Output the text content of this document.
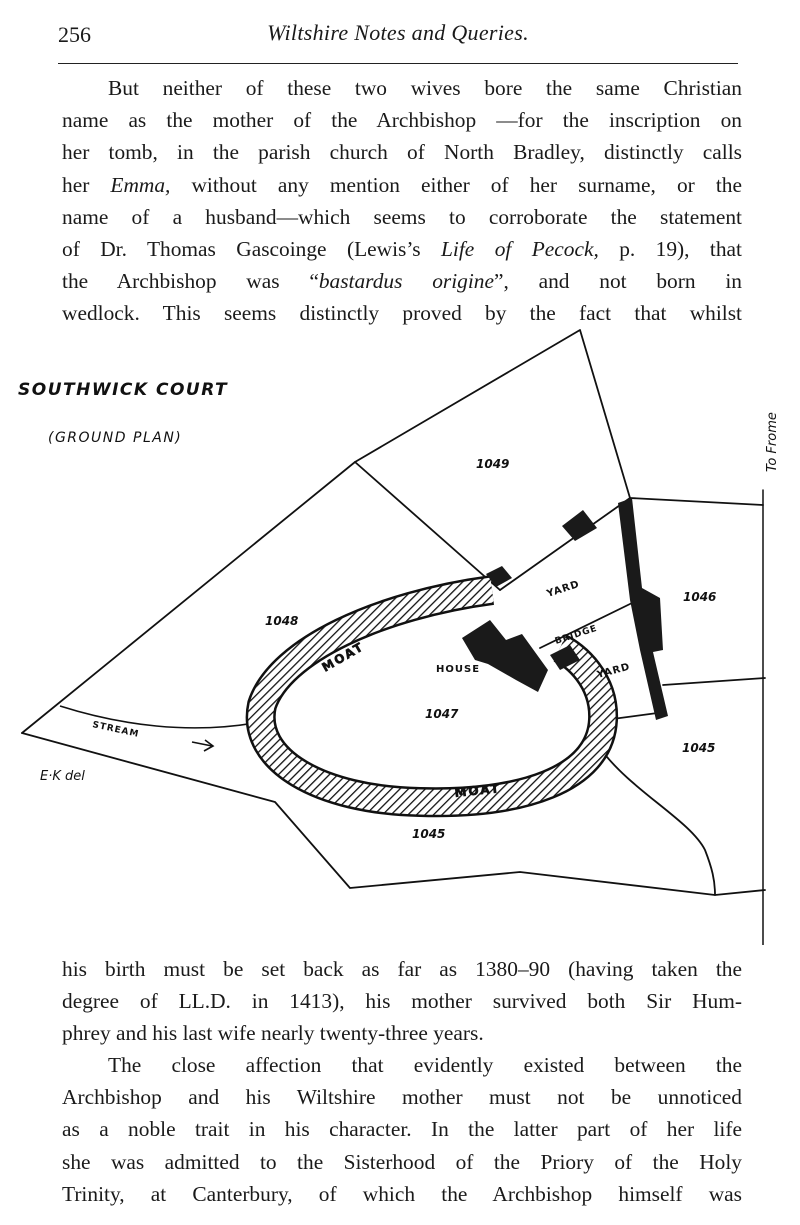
256	Wiltshire Notes and Queries.
But neither of these two wives bore the same Christian
name as the mother of the Archbishop —for the inscription on
her tomb, in the parish church of North Bradley, distinctly calls
her Emma, without any mention either of her surname, or the
name of a husband—which seems to corroborate the statement
of Dr. Thomas Gascoinge (Lewis’s Life of Pecock, p. 19), that
the Archbishop was “bastardus origine”, and not born in
wedlock. This seems distinctly proved by the fact that whilst
SOUTHWICK COURT
(GROUND PLAN)
E·K del
To Frome
1049
1048
1047
1046
1045
1045
YARD
YARD
HOUSE
BRIDGE
MOAT
MOAT
STREAM
his birth must be set back as far as 1380–90 (having taken the
degree of LL.D. in 1413), his mother survived both Sir Hum-
phrey and his last wife nearly twenty-three years.
The close affection that evidently existed between the
Archbishop and his Wiltshire mother must not be unnoticed
as a noble trait in his character. In the latter part of her life
she was admitted to the Sisterhood of the Priory of the Holy
Trinity, at Canterbury, of which the Archbishop himself was
